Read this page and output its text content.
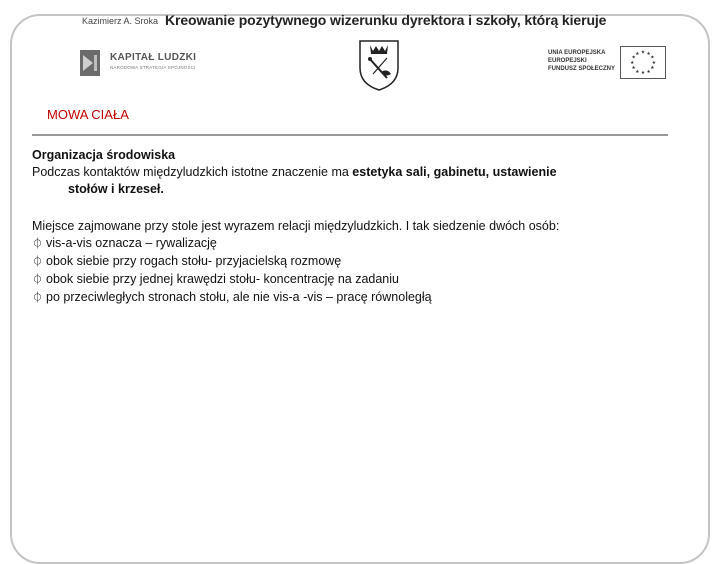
Kazimierz A. Sroka Kreowanie pozytywnego wizerunku dyrektora i szkoły, którą kieruje
KAPITAŁ LUDZKI
NARODOWA STRATEGIA SPÓJNOŚCI
UNIA EUROPEJSKA
EUROPEJSKI
FUNDUSZ SPOŁECZNY
★ ★
★
★
★
★
★
★
★
★
★
★
MOWA CIAŁA

Organizacja środowiska

Podczas kontaktów międzyludzkich istotne znaczenie ma estetyka sali, gabinetu, ustawienie

stołów i krzeseł.

Miejsce zajmowane przy stole jest wyrazem relacji międzyludzkich. I tak siedzenie dwóch osób:

⏀ vis-a-vis oznacza – rywalizację
⏀ obok siebie przy rogach stołu- przyjacielską rozmowę
⏀ obok siebie przy jednej krawędzi stołu- koncentrację na zadaniu
⏀ po przeciwległych stronach stołu, ale nie vis-a -vis – pracę równoległą
